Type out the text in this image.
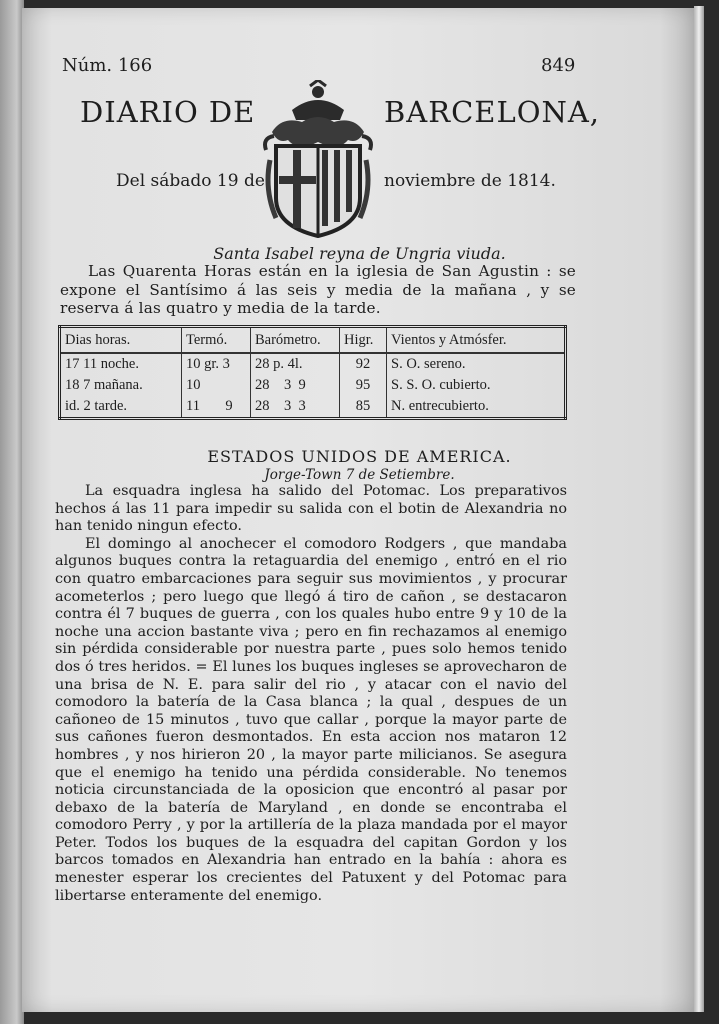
Núm. 166	849
DIARIO DE	BARCELONA,
Del sábado 19 de	noviembre de 1814.
Santa Isabel reyna de Ungria viuda.
Las Quarenta Horas están en la iglesia de San Agustin : se expone el Santísimo á las seis y media de la mañana , y se reserva á las quatro y media de la tarde.
Dias horas.	Termó.	Barómetro.	Higr.	Vientos y Atmósfer.
17 11 noche.	10 gr. 3	28 p. 4l.	92	S. O. sereno.
18 7 mañana.	10	28    3  9	95	S. S. O. cubierto.
id. 2 tarde.	11       9	28    3  3	85	N. entrecubierto.
ESTADOS UNIDOS DE AMERICA.
Jorge-Town 7 de Setiembre.

La esquadra inglesa ha salido del Potomac. Los preparativos hechos á las 11 para impedir su salida con el botin de Alexandria no han tenido ningun efecto.

El domingo al anochecer el comodoro Rodgers , que mandaba algunos buques contra la retaguardia del enemigo , entró en el rio con quatro embarcaciones para seguir sus movimientos , y procurar acometerlos ; pero luego que llegó á tiro de cañon , se destacaron contra él 7 buques de guerra , con los quales hubo entre 9 y 10 de la noche una accion bastante viva ; pero en fin rechazamos al enemigo sin pérdida considerable por nuestra parte , pues solo hemos tenido dos ó tres heridos. = El lunes los buques ingleses se aprovecharon de una brisa de N. E. para salir del rio , y atacar con el navio del comodoro la batería de la Casa blanca ; la qual , despues de un cañoneo de 15 minutos , tuvo que callar , porque la mayor parte de sus cañones fueron desmontados. En esta accion nos mataron 12 hombres , y nos hirieron 20 , la mayor parte milicianos. Se asegura que el enemigo ha tenido una pérdida considerable. No tenemos noticia circunstanciada de la oposicion que encontró al pasar por debaxo de la batería de Maryland , en donde se encontraba el comodoro Perry , y por la artillería de la plaza mandada por el mayor Peter. Todos los buques de la esquadra del capitan Gordon y los barcos tomados en Alexandria han entrado en la bahía : ahora es menester esperar los crecientes del Patuxent y del Potomac para libertarse enteramente del enemigo.
